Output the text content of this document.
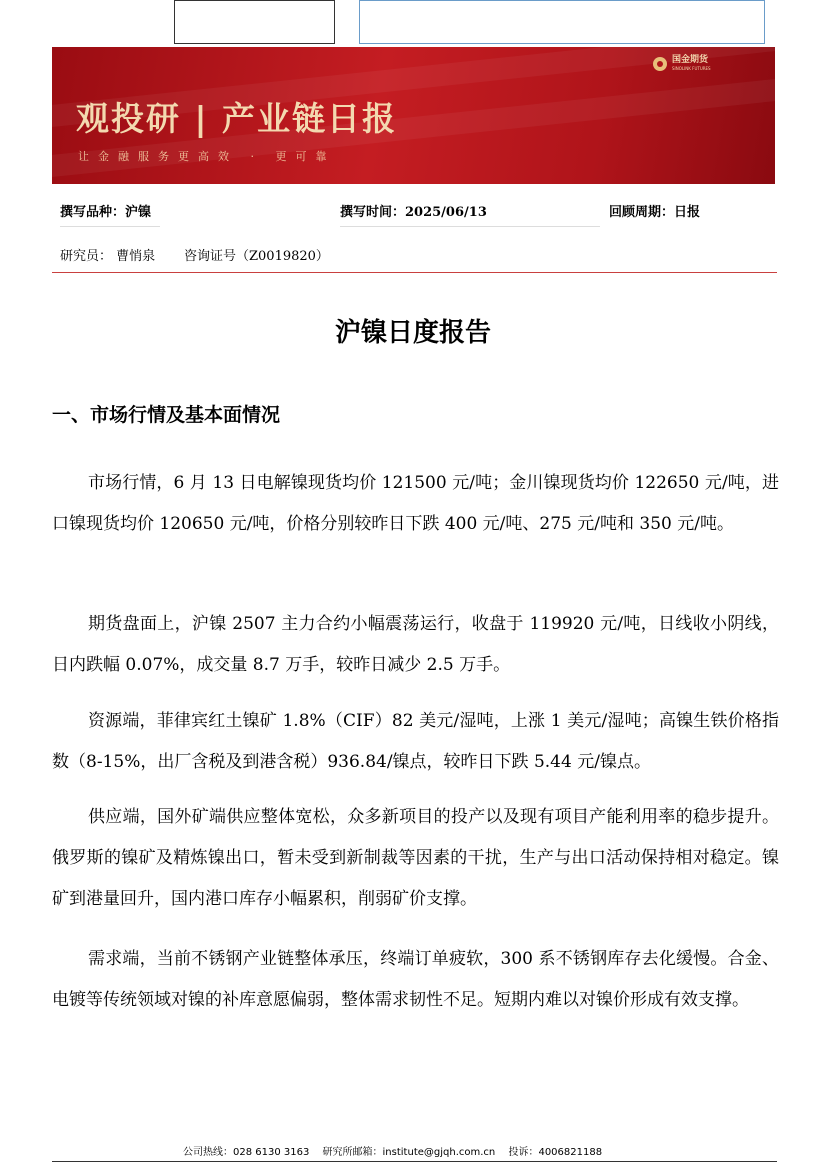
国金期货
SINOLINK FUTURES
观投研 | 产业链日报
让金融服务更高效 · 更可靠
撰写品种：沪镍	撰写时间：2025/06/13	回顾周期：日报
研究员： 曹悄泉 咨询证号（Z0019820）
沪镍日度报告
一、市场行情及基本面情况

市场行情，6 月 13 日电解镍现货均价 121500 元/吨；金川镍现货均价 122650 元/吨，进口镍现货均价 120650 元/吨，价格分别较昨日下跌 400 元/吨、275 元/吨和 350 元/吨。

期货盘面上，沪镍 2507 主力合约小幅震荡运行，收盘于 119920 元/吨，日线收小阴线，日内跌幅 0.07%，成交量 8.7 万手，较昨日减少 2.5 万手。

资源端，菲律宾红土镍矿 1.8%（CIF）82 美元/湿吨，上涨 1 美元/湿吨；高镍生铁价格指数（8-15%，出厂含税及到港含税）936.84/镍点，较昨日下跌 5.44 元/镍点。

供应端，国外矿端供应整体宽松，众多新项目的投产以及现有项目产能利用率的稳步提升。俄罗斯的镍矿及精炼镍出口，暂未受到新制裁等因素的干扰，生产与出口活动保持相对稳定。镍矿到港量回升，国内港口库存小幅累积，削弱矿价支撑。

需求端，当前不锈钢产业链整体承压，终端订单疲软，300 系不锈钢库存去化缓慢。合金、电镀等传统领域对镍的补库意愿偏弱，整体需求韧性不足。短期内难以对镍价形成有效支撑。

公司热线：028 6130 3163 研究所邮箱：institute@gjqh.com.cn 投诉：4006821188
